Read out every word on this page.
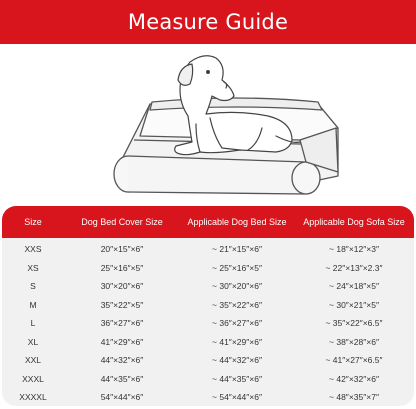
Measure Guide
Size	Dog Bed Cover Size	Applicable Dog Bed Size	Applicable Dog Sofa Size
XXS	20″×15″×6″	~ 21″×15″×6″	~ 18″×12″×3″
XS	25″×16″×5″	~ 25″×16″×5″	~ 22″×13″×2.3″
S	30″×20″×6″	~ 30″×20″×6″	~ 24″×18″×5″
M	35″×22″×5″	~ 35″×22″×6″	~ 30″×21″×5″
L	36″×27″×6″	~ 36″×27″×6″	~ 35″×22″×6.5″
XL	41″×29″×6″	~ 41″×29″×6″	~ 38″×28″×6″
XXL	44″×32″×6″	~ 44″×32″×6″	~ 41″×27″×6.5″
XXXL	44″×35″×6″	~ 44″×35″×6″	~ 42″×32″×6″
XXXXL	54″×44″×6″	~ 54″×44″×6″	~ 48″×35″×7″
